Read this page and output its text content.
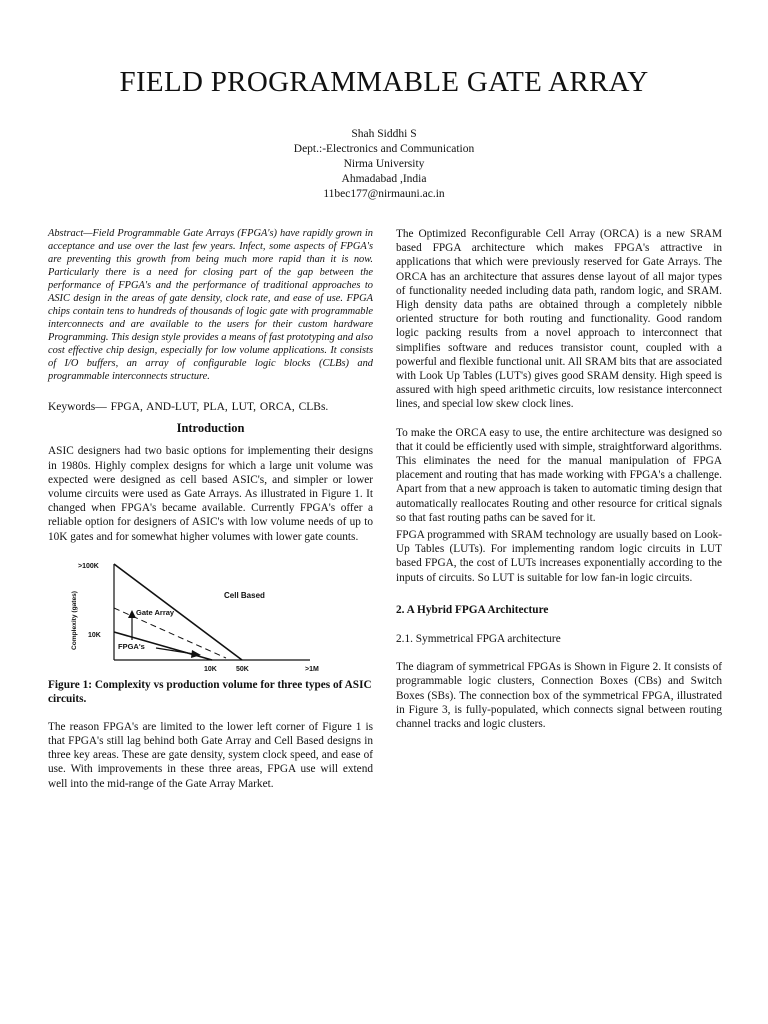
FIELD PROGRAMMABLE GATE ARRAY
Shah Siddhi S
Dept.:-Electronics and Communication
Nirma University
Ahmadabad ,India
11bec177@nirmauni.ac.in

Abstract—Field Programmable Gate Arrays (FPGA's) have rapidly grown in acceptance and use over the last few years. Infect, some aspects of FPGA's are preventing this growth from being much more rapid than it is now. Particularly there is a need for closing part of the gap between the performance of FPGA's and the performance of traditional approaches to ASIC design in the areas of gate density, clock rate, and ease of use. FPGA chips contain tens to hundreds of thousands of logic gate with programmable interconnects and are available to the users for their custom hardware Programming. This design style provides a means of fast prototyping and also cost effective chip design, especially for low volume applications. It consists of I/O buffers, an array of configurable logic blocks (CLBs) and programmable interconnects structure.

Keywords— FPGA, AND-LUT, PLA, LUT, ORCA, CLBs.

Introduction

ASIC designers had two basic options for implementing their designs in 1980s. Highly complex designs for which a large unit volume was expected were designed as cell based ASIC's, and simpler or lower volume circuits were used as Gate Arrays. As illustrated in Figure 1. It changed when FPGA's became available. Currently FPGA's offer a reliable option for designers of ASIC's with low volume needs of up to 10K gates and for somewhat higher volumes with lower gate counts.

>100K
10K
10K	50K	>1M
Complexity (gates)	Cell Based
Gate Array
FPGA's

Figure 1: Complexity vs production volume for three types of ASIC circuits.

The reason FPGA's are limited to the lower left corner of Figure 1 is that FPGA's still lag behind both Gate Array and Cell Based designs in three key areas. These are gate density, system clock speed, and ease of use. With improvements in these three areas, FPGA use will extend well into the mid-range of the Gate Array Market.

The Optimized Reconfigurable Cell Array (ORCA) is a new SRAM based FPGA architecture which makes FPGA's attractive in applications that which were previously reserved for Gate Arrays. The ORCA has an architecture that assures dense layout of all major types of functionality needed including data path, random logic, and SRAM. High density data paths are obtained through a completely nibble oriented structure for both routing and functionality. Good random logic packing results from a novel approach to interconnect that simplifies software and reduces transistor count, coupled with a powerful and flexible functional unit. All SRAM bits that are associated with Look Up Tables (LUT's) gives good SRAM density. High speed is assured with high speed arithmetic circuits, low resistance interconnect lines, and special low skew clock lines.

To make the ORCA easy to use, the entire architecture was designed so that it could be efficiently used with simple, straightforward algorithms. This eliminates the need for the manual manipulation of FPGA placement and routing that has made working with FPGA's a challenge. Apart from that a new approach is taken to automatic timing design that automatically reallocates Routing and other resource for critical signals so that fast routing paths can be saved for it.

FPGA programmed with SRAM technology are usually based on Look-Up Tables (LUTs). For implementing random logic circuits in LUT based FPGA, the cost of LUTs increases exponentially according to the inputs of circuits. So LUT is suitable for low fan-in logic circuits.

2. A Hybrid FPGA Architecture
2.1. Symmetrical FPGA architecture

The diagram of symmetrical FPGAs is Shown in Figure 2. It consists of programmable logic clusters, Connection Boxes (CBs) and Switch Boxes (SBs). The connection box of the symmetrical FPGA, illustrated in Figure 3, is fully-populated, which connects signal between routing channel tracks and logic clusters.
